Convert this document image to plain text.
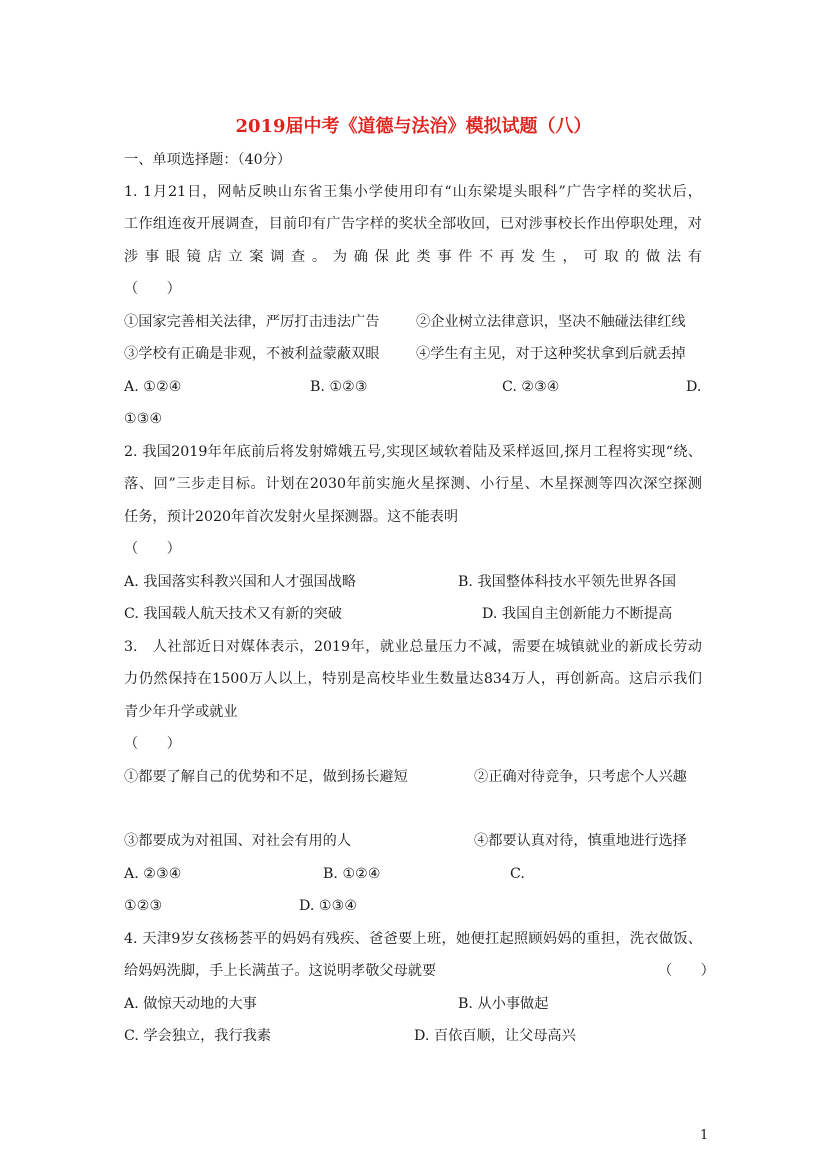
2019届中考《道德与法治》模拟试题（八）
一、单项选择题：（40分）
1. 1月21日，网帖反映山东省王集小学使用印有“山东梁堤头眼科”广告字样的奖状后，
工作组连夜开展调查，目前印有广告字样的奖状全部收回，已对涉事校长作出停职处理，对
涉事眼镜店立案调查。为确保此类事件不再发生，可取的做法有
（　　）
①国家完善相关法律，严厉打击违法广告	②企业树立法律意识，坚决不触碰法律红线
③学校有正确是非观，不被利益蒙蔽双眼	④学生有主见，对于这种奖状拿到后就丢掉
A. ①②④	B. ①②③	C. ②③④	D.
①③④
2. 我国2019年年底前后将发射嫦娥五号,实现区域软着陆及采样返回,探月工程将实现“绕、
落、回”三步走目标。计划在2030年前实施火星探测、小行星、木星探测等四次深空探测
任务，预计2020年首次发射火星探测器。这不能表明
（　　）
A. 我国落实科教兴国和人才强国战略	B. 我国整体科技水平领先世界各国
C. 我国载人航天技术又有新的突破	D. 我国自主创新能力不断提高
3.　人社部近日对媒体表示，2019年，就业总量压力不减，需要在城镇就业的新成长劳动
力仍然保持在1500万人以上，特别是高校毕业生数量达834万人，再创新高。这启示我们
青少年升学或就业
（　　）
①都要了解自己的优势和不足，做到扬长避短	②正确对待竞争，只考虑个人兴趣
③都要成为对祖国、对社会有用的人	④都要认真对待，慎重地进行选择
A. ②③④	B. ①②④	C.
①②③	D. ①③④
4. 天津9岁女孩杨荟平的妈妈有残疾、爸爸要上班，她便扛起照顾妈妈的重担，洗衣做饭、
给妈妈洗脚，手上长满茧子。这说明孝敬父母就要	（　　）
A. 做惊天动地的大事	B. 从小事做起
C. 学会独立，我行我素	D. 百依百顺，让父母高兴
1
